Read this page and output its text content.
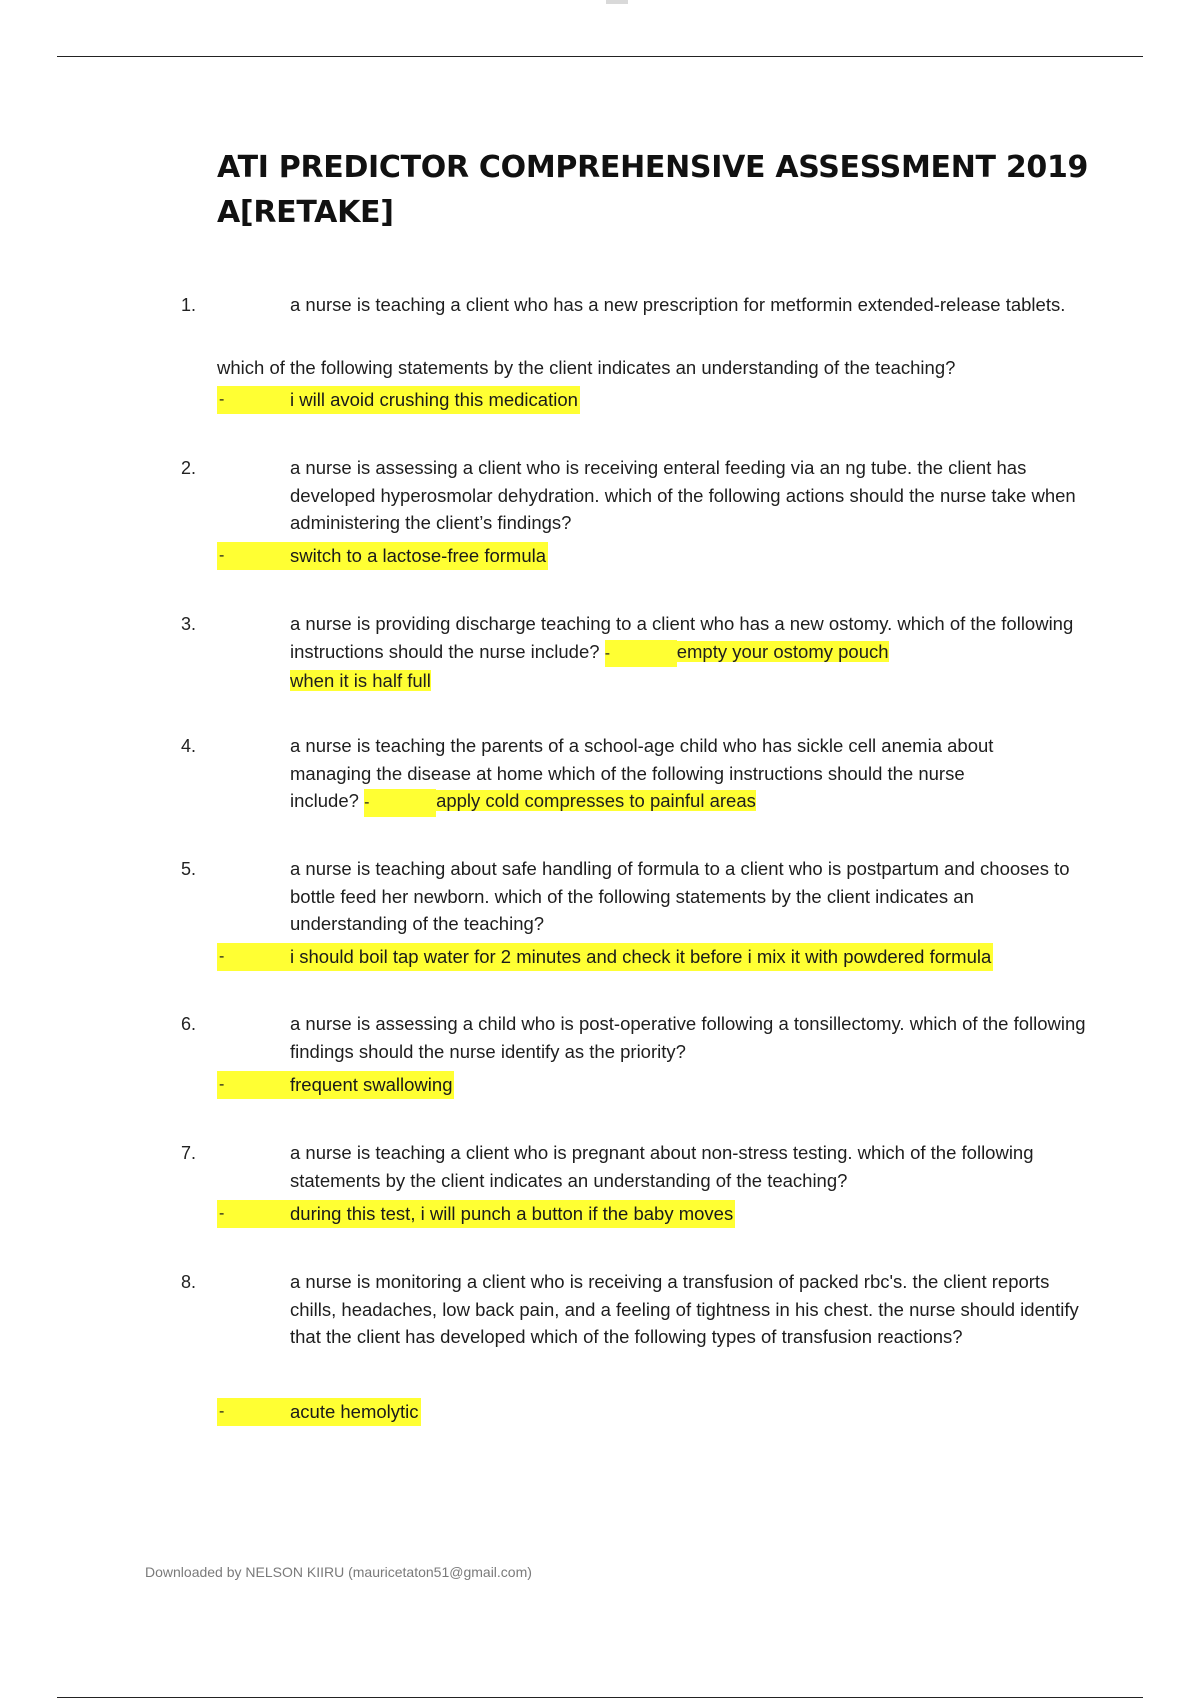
ATI PREDICTOR COMPREHENSIVE ASSESSMENT 2019 A[RETAKE]
1.	a nurse is teaching a client who has a new prescription for metformin extended-release tablets.
which of the following statements by the client indicates an understanding of the teaching?
-	i will avoid crushing this medication
2.	a nurse is assessing a client who is receiving enteral feeding via an ng tube. the client has developed hyperosmolar dehydration. which of the following actions should the nurse take when administering the client’s findings?
-	switch to a lactose-free formula
3.	a nurse is providing discharge teaching to a client who has a new ostomy. which of the following instructions should the nurse include? -	empty your ostomy pouch
when it is half full
4.	a nurse is teaching the parents of a school-age child who has sickle cell anemia about
managing the disease at home which of the following instructions should the nurse
include? -	apply cold compresses to painful areas
5.	a nurse is teaching about safe handling of formula to a client who is postpartum and chooses to bottle feed her newborn. which of the following statements by the client indicates an understanding of the teaching?
-	i should boil tap water for 2 minutes and check it before i mix it with powdered formula
6.	a nurse is assessing a child who is post-operative following a tonsillectomy. which of the following findings should the nurse identify as the priority?
-	frequent swallowing
7.	a nurse is teaching a client who is pregnant about non-stress testing. which of the following statements by the client indicates an understanding of the teaching?
-	during this test, i will punch a button if the baby moves
8.	a nurse is monitoring a client who is receiving a transfusion of packed rbc's. the client reports chills, headaches, low back pain, and a feeling of tightness in his chest. the nurse should identify that the client has developed which of the following types of transfusion reactions?
-	acute hemolytic
Downloaded by NELSON KIIRU (mauricetaton51@gmail.com)
